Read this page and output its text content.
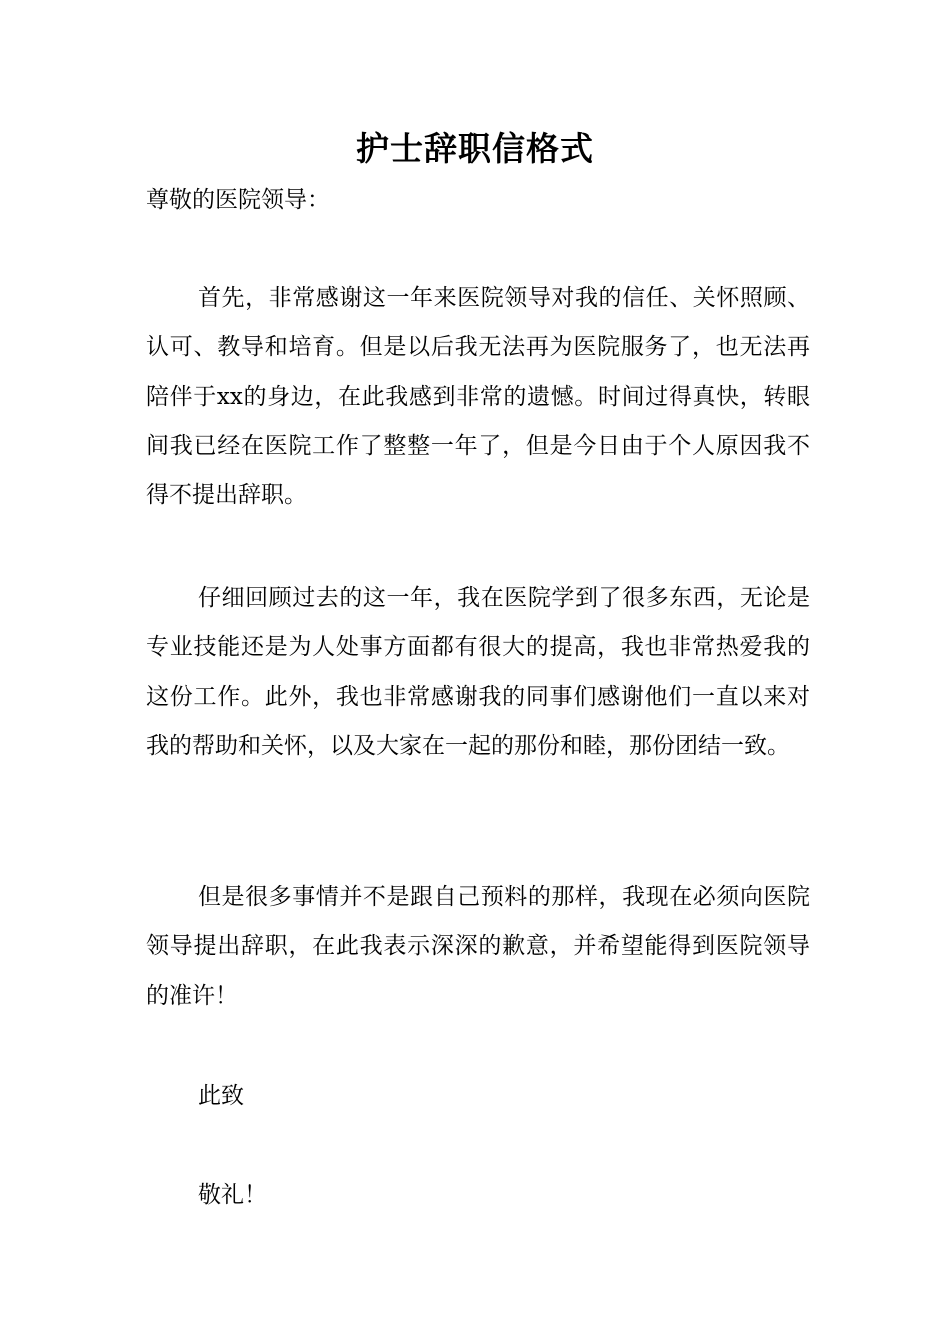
护士辞职信格式

尊敬的医院领导：

首先，非常感谢这一年来医院领导对我的信任、关怀照顾、认可、教导和培育。但是以后我无法再为医院服务了，也无法再陪伴于xx的身边，在此我感到非常的遗憾。时间过得真快，转眼间我已经在医院工作了整整一年了，但是今日由于个人原因我不得不提出辞职。

仔细回顾过去的这一年，我在医院学到了很多东西，无论是专业技能还是为人处事方面都有很大的提高，我也非常热爱我的这份工作。此外，我也非常感谢我的同事们感谢他们一直以来对我的帮助和关怀，以及大家在一起的那份和睦，那份团结一致。

但是很多事情并不是跟自己预料的那样，我现在必须向医院领导提出辞职，在此我表示深深的歉意，并希望能得到医院领导的准许！

此致

敬礼！
